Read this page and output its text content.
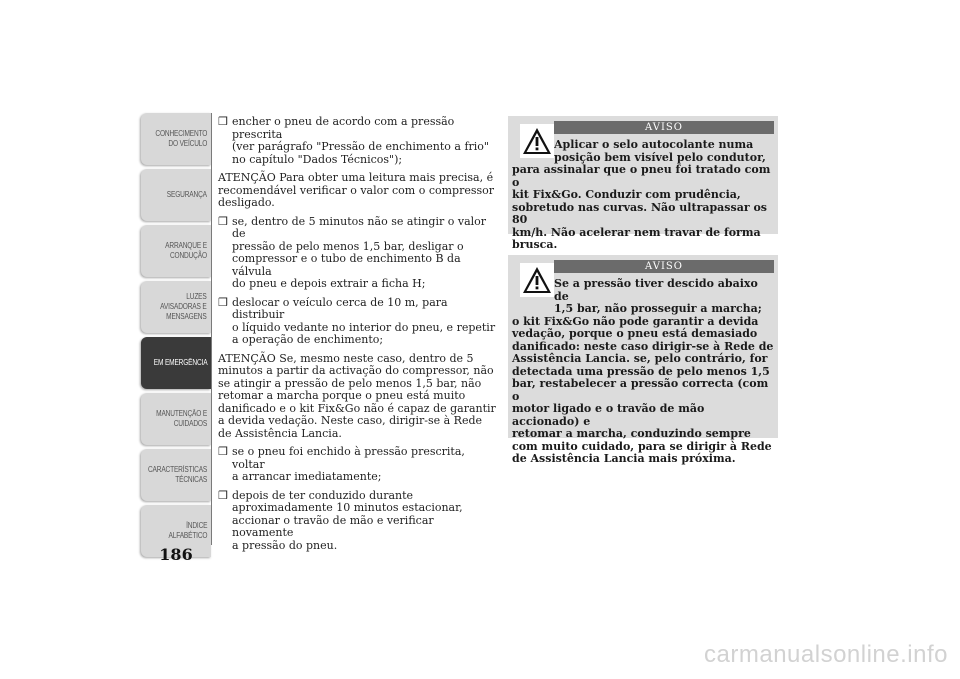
CONHECIMENTO
DO VEÍCULO
SEGURANÇA
ARRANQUE E
CONDUÇÃO
LUZES
AVISADORAS E
MENSAGENS
EM EMERGÊNCIA
MANUTENÇÃO E
CUIDADOS
CARACTERÍSTICAS
TÉCNICAS
ÍNDICE
ALFABÉTICO
186
❒ encher o pneu de acordo com a pressão prescrita
(ver parágrafo "Pressão de enchimento a frio"
no capítulo "Dados Técnicos");
ATENÇÃO Para obter uma leitura mais precisa, é
recomendável verificar o valor com o compressor
desligado.
❒ se, dentro de 5 minutos não se atingir o valor de
pressão de pelo menos 1,5 bar, desligar o
compressor e o tubo de enchimento B da válvula
do pneu e depois extrair a ficha H;
❒ deslocar o veículo cerca de 10 m, para distribuir
o líquido vedante no interior do pneu, e repetir
a operação de enchimento;
ATENÇÃO Se, mesmo neste caso, dentro de 5
minutos a partir da activação do compressor, não
se atingir a pressão de pelo menos 1,5 bar, não
retomar a marcha porque o pneu está muito
danificado e o kit Fix&Go não é capaz de garantir
a devida vedação. Neste caso, dirigir-se à Rede
de Assistência Lancia.
❒ se o pneu foi enchido à pressão prescrita, voltar
a arrancar imediatamente;
❒ depois de ter conduzido durante
aproximadamente 10 minutos estacionar,
accionar o travão de mão e verificar novamente
a pressão do pneu.
AVISO
Aplicar o selo autocolante numa
posição bem visível pelo condutor,
para assinalar que o pneu foi tratado com o
kit Fix&Go. Conduzir com prudência,
sobretudo nas curvas. Não ultrapassar os 80
km/h. Não acelerar nem travar de forma
brusca.
AVISO
Se a pressão tiver descido abaixo de
1,5 bar, não prosseguir a marcha;
o kit Fix&Go não pode garantir a devida
vedação, porque o pneu está demasiado
danificado: neste caso dirigir-se à Rede de
Assistência Lancia. se, pelo contrário, for
detectada uma pressão de pelo menos 1,5
bar, restabelecer a pressão correcta (com o
motor ligado e o travão de mão accionado) e
retomar a marcha, conduzindo sempre
com muito cuidado, para se dirigir à Rede
de Assistência Lancia mais próxima.
carmanualsonline.info
